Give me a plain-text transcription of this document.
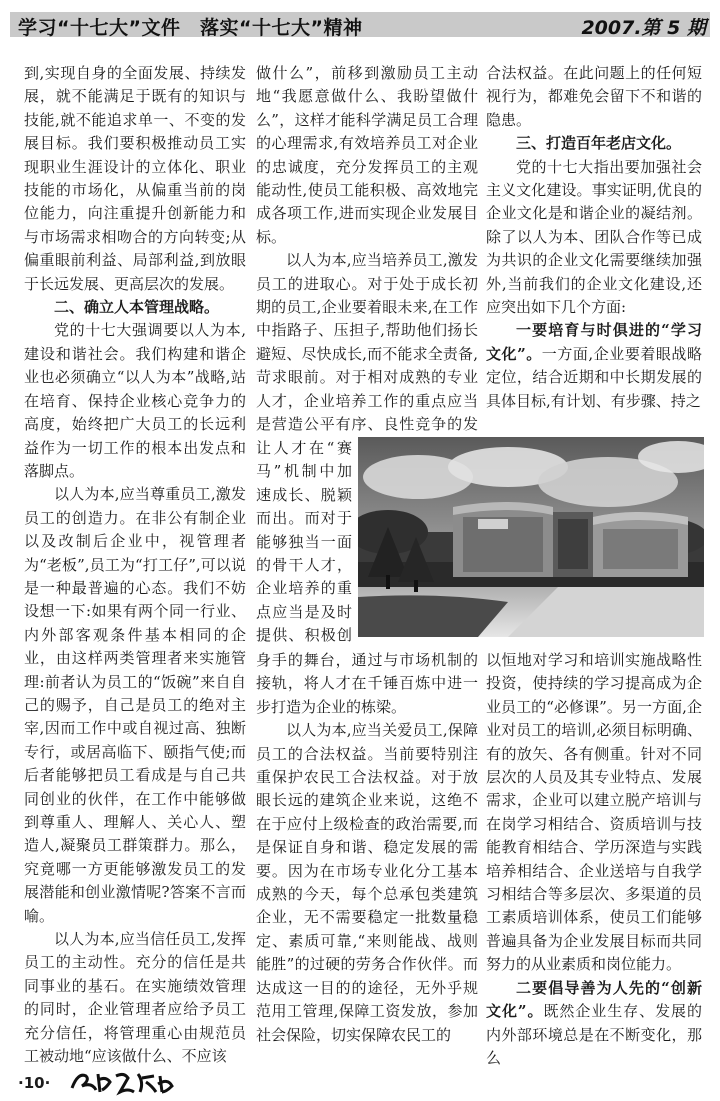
学习“十七大”文件　落实“十七大”精神	2007.第 5 期

到,实现自身的全面发展、持续发展，就不能满足于既有的知识与技能,就不能追求单一、不变的发展目标。我们要积极推动员工实现职业生涯设计的立体化、职业技能的市场化，从偏重当前的岗位能力，向注重提升创新能力和与市场需求相吻合的方向转变;从偏重眼前利益、局部利益,到放眼于长远发展、更高层次的发展。

二、确立人本管理战略。

党的十七大强调要以人为本,建设和谐社会。我们构建和谐企业也必须确立“以人为本”战略,站在培育、保持企业核心竞争力的高度，始终把广大员工的长远利益作为一切工作的根本出发点和落脚点。

以人为本,应当尊重员工,激发员工的创造力。在非公有制企业以及改制后企业中，视管理者为“老板”,员工为“打工仔”,可以说是一种最普遍的心态。我们不妨设想一下:如果有两个同一行业、内外部客观条件基本相同的企业，由这样两类管理者来实施管理:前者认为员工的“饭碗”来自自己的赐予，自己是员工的绝对主宰,因而工作中或自视过高、独断专行，或居高临下、颐指气使;而后者能够把员工看成是与自己共同创业的伙伴，在工作中能够做到尊重人、理解人、关心人、塑造人,凝聚员工群策群力。那么，究竟哪一方更能够激发员工的发展潜能和创业激情呢?答案不言而喻。

以人为本,应当信任员工,发挥员工的主动性。充分的信任是共同事业的基石。在实施绩效管理的同时，企业管理者应给予员工充分信任，将管理重心由规范员工被动地“应该做什么、不应该

做什么”，前移到激励员工主动地“我愿意做什么、我盼望做什么”，这样才能科学满足员工合理的心理需求,有效培养员工对企业的忠诚度，充分发挥员工的主观能动性,使员工能积极、高效地完成各项工作,进而实现企业发展目标。

以人为本,应当培养员工,激发员工的进取心。对于处于成长初期的员工,企业要着眼未来,在工作中指路子、压担子,帮助他们扬长避短、尽快成长,而不能求全责备,苛求眼前。对于相对成熟的专业人才，企业培养工作的重点应当是营造公平有序、良性竞争的发

让人才在“赛马”机制中加速成长、脱颖而出。而对于能够独当一面的骨干人才，企业培养的重点应当是及时提供、积极创

身手的舞台，通过与市场机制的接轨，将人才在千锤百炼中进一步打造为企业的栋梁。

以人为本,应当关爱员工,保障员工的合法权益。当前要特别注重保护农民工合法权益。对于放眼长远的建筑企业来说，这绝不在于应付上级检查的政治需要,而是保证自身和谐、稳定发展的需要。因为在市场专业化分工基本成熟的今天，每个总承包类建筑企业，无不需要稳定一批数量稳定、素质可靠,“来则能战、战则能胜”的过硬的劳务合作伙伴。而达成这一目的的途径，无外乎规范用工管理,保障工资发放，参加社会保险，切实保障农民工的

合法权益。在此问题上的任何短视行为，都难免会留下不和谐的隐患。

三、打造百年老店文化。

党的十七大指出要加强社会主义文化建设。事实证明,优良的企业文化是和谐企业的凝结剂。除了以人为本、团队合作等已成为共识的企业文化需要继续加强外,当前我们的企业文化建设,还应突出如下几个方面:

一要培育与时俱进的“学习文化”。一方面,企业要着眼战略定位，结合近期和中长期发展的具体目标,有计划、有步骤、持之

以恒地对学习和培训实施战略性投资，使持续的学习提高成为企业员工的“必修课”。另一方面,企业对员工的培训,必须目标明确、有的放矢、各有侧重。针对不同层次的人员及其专业特点、发展需求，企业可以建立脱产培训与在岗学习相结合、资质培训与技能教育相结合、学历深造与实践培养相结合、企业送培与自我学习相结合等多层次、多渠道的员工素质培训体系，使员工们能够普遍具备为企业发展目标而共同努力的从业素质和岗位能力。

二要倡导善为人先的“创新文化”。既然企业生存、发展的内外部环境总是在不断变化，那么

·10·
